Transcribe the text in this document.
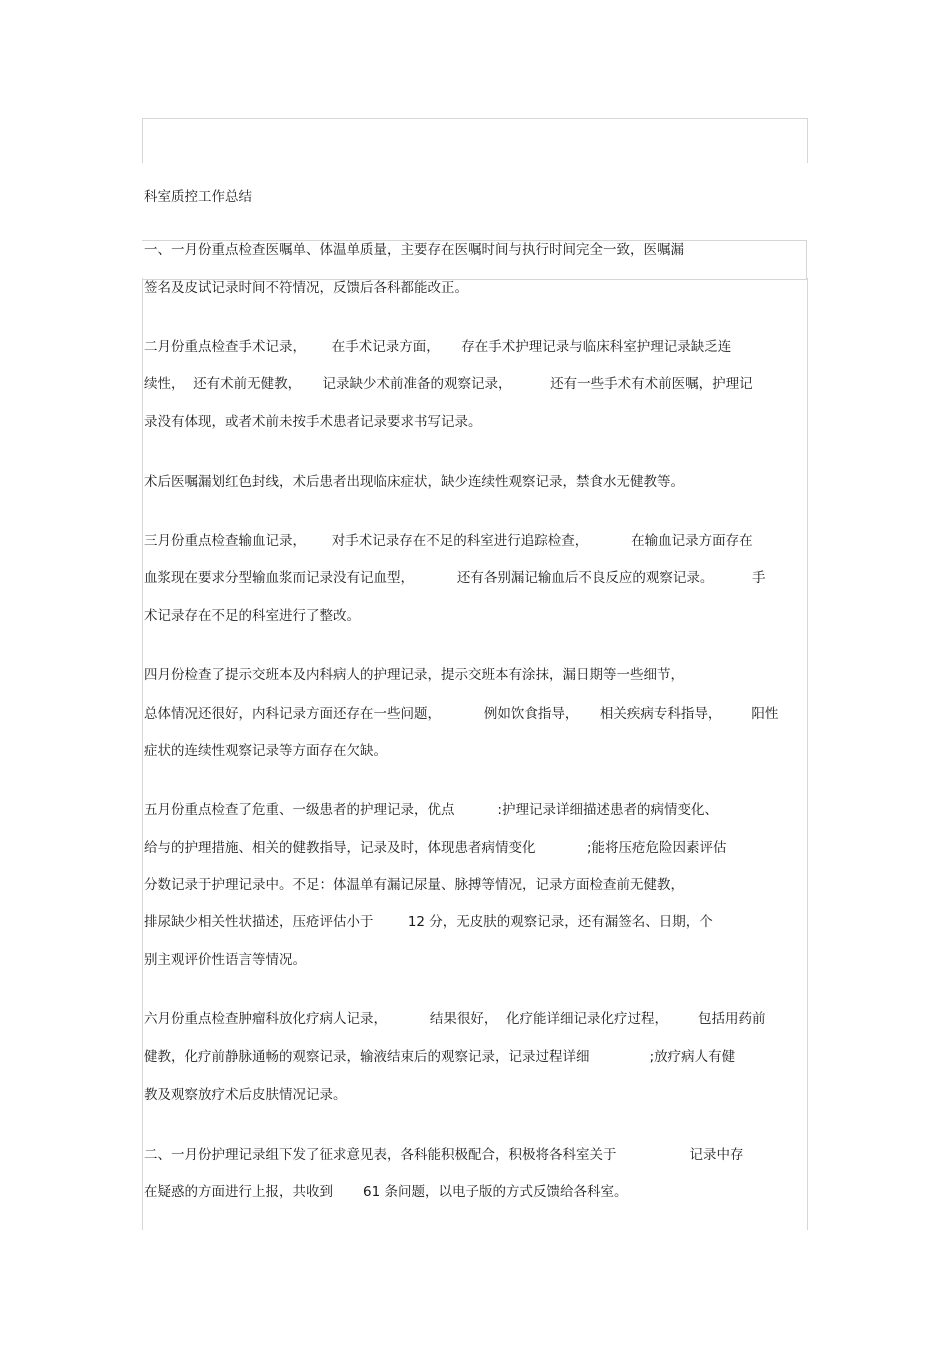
科室质控工作总结
一、一月份重点检查医嘱单、体温单质量，主要存在医嘱时间与执行时间完全一致，医嘱漏
签名及皮试记录时间不符情况，反馈后各科都能改正。
二月份重点检查手术记录，      在手术记录方面，     存在手术护理记录与临床科室护理记录缺乏连
续性，  还有术前无健教，     记录缺少术前准备的观察记录，         还有一些手术有术前医嘱，护理记
录没有体现，或者术前未按手术患者记录要求书写记录。
术后医嘱漏划红色封线，术后患者出现临床症状，缺少连续性观察记录，禁食水无健教等。
三月份重点检查输血记录，      对手术记录存在不足的科室进行追踪检查，          在输血记录方面存在
血浆现在要求分型输血浆而记录没有记血型，          还有各别漏记输血后不良反应的观察记录。         手
术记录存在不足的科室进行了整改。
四月份检查了提示交班本及内科病人的护理记录，提示交班本有涂抹，漏日期等一些细节，
总体情况还很好，内科记录方面还存在一些问题，          例如饮食指导，     相关疾病专科指导，       阳性
症状的连续性观察记录等方面存在欠缺。
五月份重点检查了危重、一级患者的护理记录，优点          :护理记录详细描述患者的病情变化、
给与的护理措施、相关的健教指导，记录及时，体现患者病情变化            ;能将压疮危险因素评估
分数记录于护理记录中。不足：体温单有漏记尿量、脉搏等情况，记录方面检查前无健教，
排尿缺少相关性状描述，压疮评估小于        12 分，无皮肤的观察记录，还有漏签名、日期，个
别主观评价性语言等情况。
六月份重点检查肿瘤科放化疗病人记录，          结果很好，  化疗能详细记录化疗过程，       包括用药前
健教，化疗前静脉通畅的观察记录，输液结束后的观察记录，记录过程详细              ;放疗病人有健
教及观察放疗术后皮肤情况记录。
二、一月份护理记录组下发了征求意见表，各科能积极配合，积极将各科室关于                 记录中存
在疑惑的方面进行上报，共收到       61 条问题，以电子版的方式反馈给各科室。
